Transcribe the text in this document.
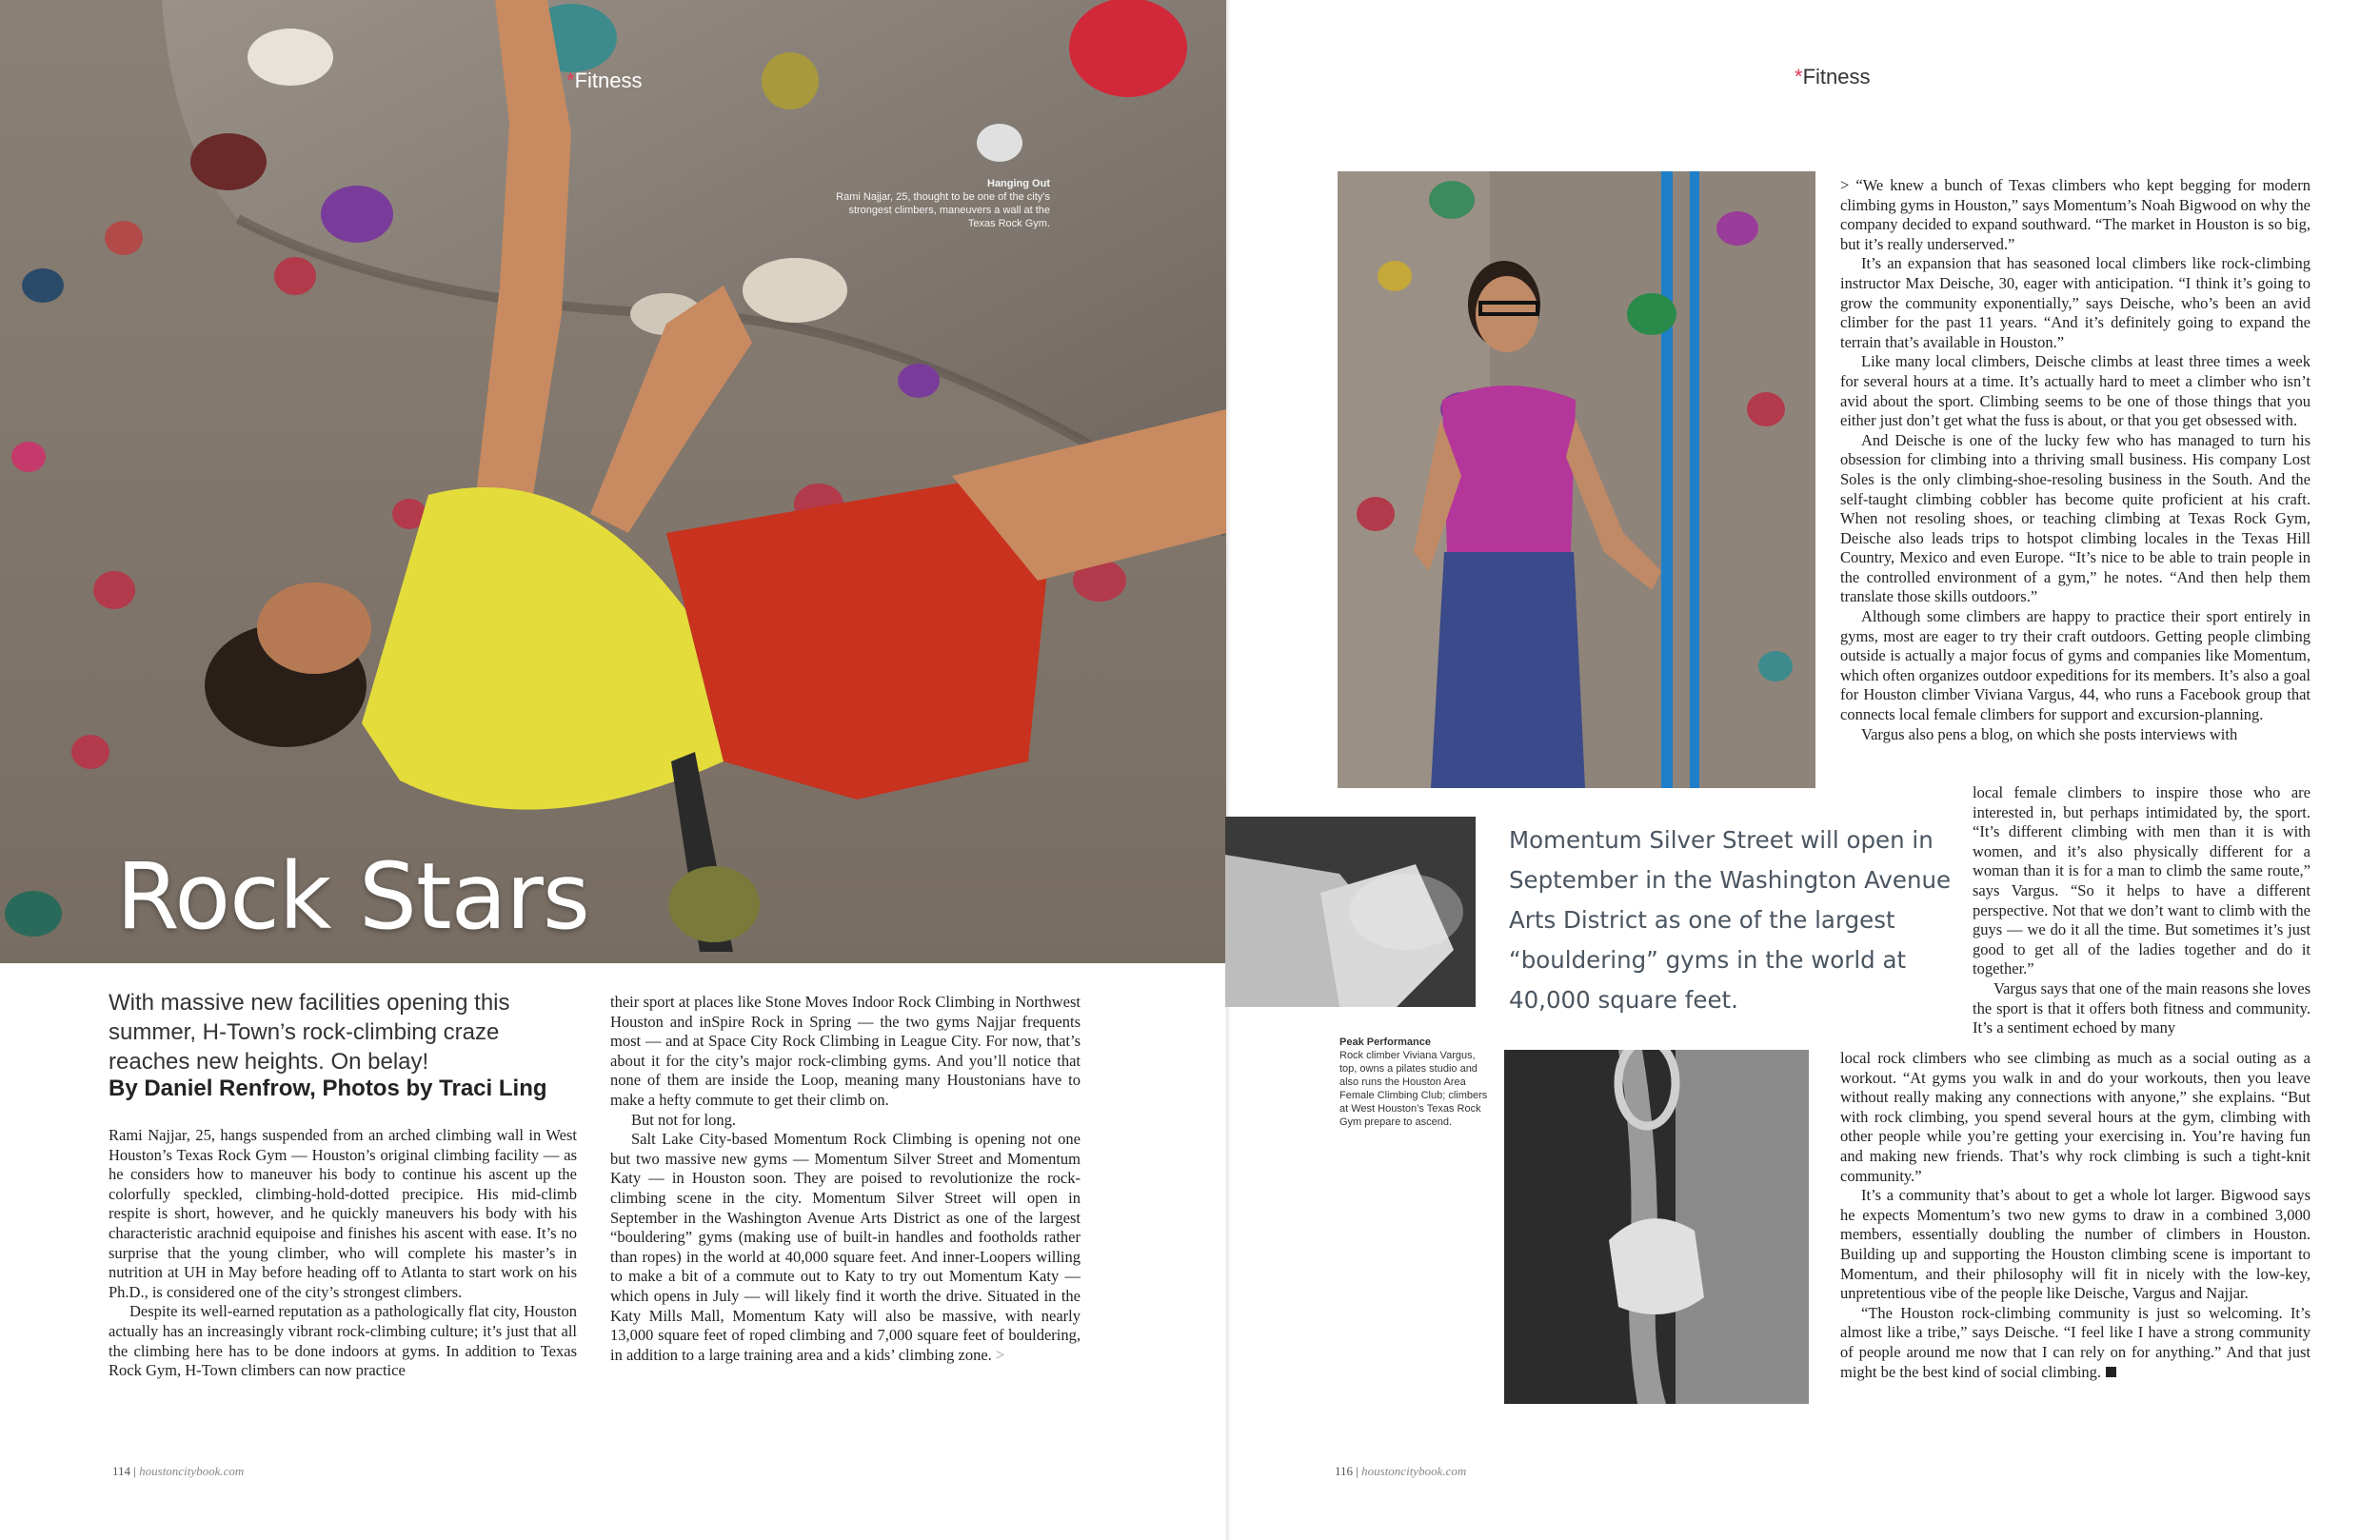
*Fitness
Hanging Out
Rami Najjar, 25, thought to be one of the city’s strongest climbers, maneuvers a wall at the Texas Rock Gym.
Rock Stars
With massive new facilities opening this summer, H-Town’s rock-climbing craze reaches new heights. On belay!
By Daniel Renfrow, Photos by Traci Ling

Rami Najjar, 25, hangs suspended from an arched climbing wall in West Houston’s Texas Rock Gym — Houston’s original climbing facility — as he considers how to maneuver his body to continue his ascent up the colorfully speckled, climbing-hold-dotted precipice. His mid-climb respite is short, however, and he quickly maneuvers his body with his characteristic arachnid equipoise and finishes his ascent with ease. It’s no surprise that the young climber, who will complete his master’s in nutrition at UH in May before heading off to Atlanta to start work on his Ph.D., is considered one of the city’s strongest climbers.

Despite its well-earned reputation as a pathologically flat city, Houston actually has an increasingly vibrant rock-climbing culture; it’s just that all the climbing here has to be done indoors at gyms. In addition to Texas Rock Gym, H-Town climbers can now practice

their sport at places like Stone Moves Indoor Rock Climbing in Northwest Houston and inSpire Rock in Spring — the two gyms Najjar frequents most — and at Space City Rock Climbing in League City. For now, that’s about it for the city’s major rock-climbing gyms. And you’ll notice that none of them are inside the Loop, meaning many Houstonians have to make a hefty commute to get their climb on.

But not for long.

Salt Lake City-based Momentum Rock Climbing is opening not one but two massive new gyms — Momentum Silver Street and Momentum Katy — in Houston soon. They are poised to revolutionize the rock-climbing scene in the city. Momentum Silver Street will open in September in the Washington Avenue Arts District as one of the largest “bouldering” gyms (making use of built-in handles and footholds rather than ropes) in the world at 40,000 square feet. And inner-Loopers willing to make a bit of a commute out to Katy to try out Momentum Katy — which opens in July — will likely find it worth the drive. Situated in the Katy Mills Mall, Momentum Katy will also be massive, with nearly 13,000 square feet of roped climbing and 7,000 square feet of bouldering, in addition to a large training area and a kids’ climbing zone. >

114 | houstoncitybook.com
*Fitness
Momentum Silver Street will open in September in the Washington Avenue Arts District as one of the largest “bouldering” gyms in the world at 40,000 square feet.
Peak Performance
Rock climber Viviana Vargus, top, owns a pilates studio and also runs the Houston Area Female Climbing Club; climbers at West Houston’s Texas Rock Gym prepare to ascend.

> “We knew a bunch of Texas climbers who kept begging for modern climbing gyms in Houston,” says Momentum’s Noah Bigwood on why the company decided to expand southward. “The market in Houston is so big, but it’s really underserved.”

It’s an expansion that has seasoned local climbers like rock-climbing instructor Max Deische, 30, eager with anticipation. “I think it’s going to grow the community exponentially,” says Deische, who’s been an avid climber for the past 11 years. “And it’s definitely going to expand the terrain that’s available in Houston.”

Like many local climbers, Deische climbs at least three times a week for several hours at a time. It’s actually hard to meet a climber who isn’t avid about the sport. Climbing seems to be one of those things that you either just don’t get what the fuss is about, or that you get obsessed with.

And Deische is one of the lucky few who has managed to turn his obsession for climbing into a thriving small business. His company Lost Soles is the only climbing-shoe-resoling business in the South. And the self-taught climbing cobbler has become quite proficient at his craft. When not resoling shoes, or teaching climbing at Texas Rock Gym, Deische also leads trips to hotspot climbing locales in the Texas Hill Country, Mexico and even Europe. “It’s nice to be able to train people in the controlled environment of a gym,” he notes. “And then help them translate those skills outdoors.”

Although some climbers are happy to practice their sport entirely in gyms, most are eager to try their craft outdoors. Getting people climbing outside is actually a major focus of gyms and companies like Momentum, which often organizes outdoor expeditions for its members. It’s also a goal for Houston climber Viviana Vargus, 44, who runs a Facebook group that connects local female climbers for support and excursion-planning.

Vargus also pens a blog, on which she posts interviews with

local female climbers to inspire those who are interested in, but perhaps intimidated by, the sport. “It’s different climbing with men than it is with women, and it’s also physically different for a woman than it is for a man to climb the same route,” says Vargus. “So it helps to have a different perspective. Not that we don’t want to climb with the guys — we do it all the time. But sometimes it’s just good to get all of the ladies together and do it together.”

Vargus says that one of the main reasons she loves the sport is that it offers both fitness and community. It’s a sentiment echoed by many

local rock climbers who see climbing as much as a social outing as a workout. “At gyms you walk in and do your workouts, then you leave without really making any connections with anyone,” she explains. “But with rock climbing, you spend several hours at the gym, climbing with other people while you’re getting your exercising in. You’re having fun and making new friends. That’s why rock climbing is such a tight-knit community.”

It’s a community that’s about to get a whole lot larger. Bigwood says he expects Momentum’s two new gyms to draw in a combined 3,000 members, essentially doubling the number of climbers in Houston. Building up and supporting the Houston climbing scene is important to Momentum, and their philosophy will fit in nicely with the low-key, unpretentious vibe of the people like Deische, Vargus and Najjar.

“The Houston rock-climbing community is just so welcoming. It’s almost like a tribe,” says Deische. “I feel like I have a strong community of people around me now that I can rely on for anything.” And that just might be the best kind of social climbing.

116 | houstoncitybook.com
